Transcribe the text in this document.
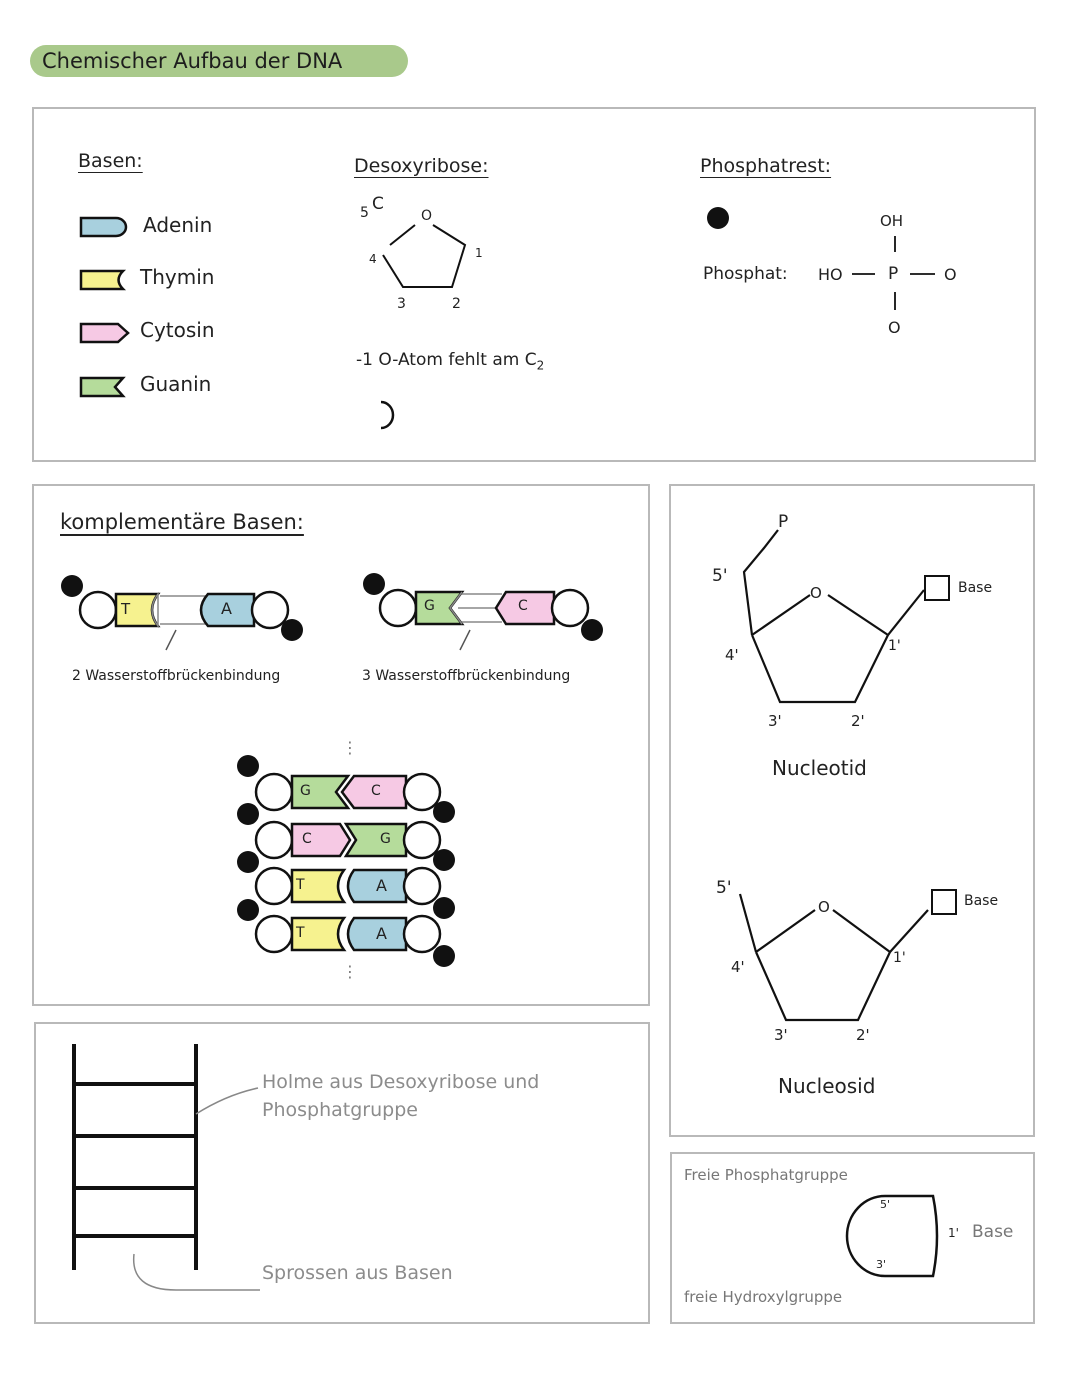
Chemischer Aufbau der DNA
Basen:
Adenin
Thymin
Cytosin
Guanin
Desoxyribose:
5 C
O
4	1
3	2
-1 O-Atom fehlt am $C_2$
Phosphatrest:
OH
Phosphat: HO	P	O
O
komplementäre Basen:
T	A	G	C
2 Wasserstoffbrückenbindung	3 Wasserstoffbrückenbindung
⋮
G	C
C	G
T	A
T	A
⋮
Holme aus Desoxyribose und Phosphatgruppe
Sprossen aus Basen
P
5'
O	Base
4'	1'
3'	2'
Nucleotid
5'
O	Base
4'	1'
3'	2'
Nucleosid
Freie Phosphatgruppe
5'
3'
1' Base
freie Hydroxylgruppe
